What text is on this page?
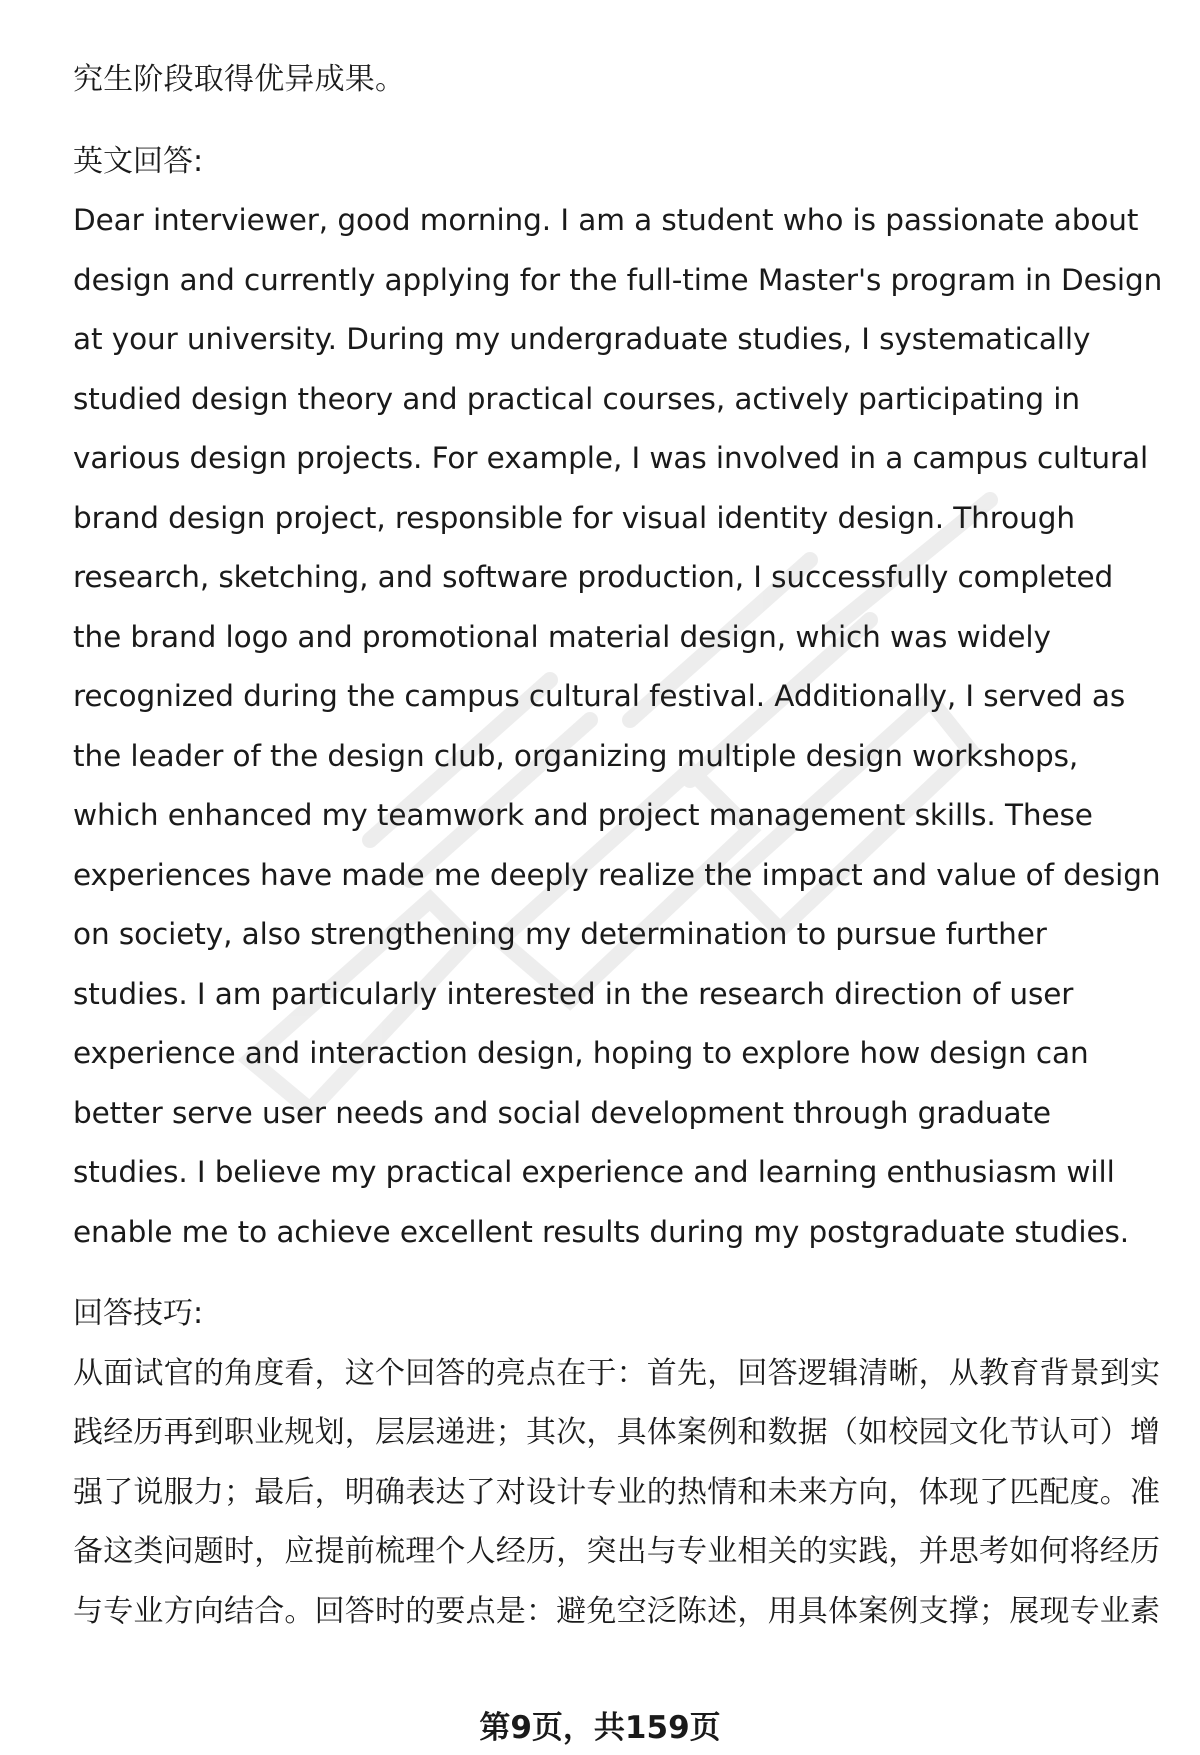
究生阶段取得优异成果。

英文回答:

Dear interviewer, good morning. I am a student who is passionate about design and currently applying for the full-time Master's program in Design at your university. During my undergraduate studies, I systematically studied design theory and practical courses, actively participating in various design projects. For example, I was involved in a campus cultural brand design project, responsible for visual identity design. Through research, sketching, and software production, I successfully completed the brand logo and promotional material design, which was widely recognized during the campus cultural festival. Additionally, I served as the leader of the design club, organizing multiple design workshops, which enhanced my teamwork and project management skills. These experiences have made me deeply realize the impact and value of design on society, also strengthening my determination to pursue further studies. I am particularly interested in the research direction of user experience and interaction design, hoping to explore how design can better serve user needs and social development through graduate studies. I believe my practical experience and learning enthusiasm will enable me to achieve excellent results during my postgraduate studies.

回答技巧:

从面试官的角度看，这个回答的亮点在于：首先，回答逻辑清晰，从教育背景到实践经历再到职业规划，层层递进；其次，具体案例和数据（如校园文化节认可）增强了说服力；最后，明确表达了对设计专业的热情和未来方向，体现了匹配度。准备这类问题时，应提前梳理个人经历，突出与专业相关的实践，并思考如何将经历与专业方向结合。回答时的要点是：避免空泛陈述，用具体案例支撑；展现专业素

第9页，共159页
